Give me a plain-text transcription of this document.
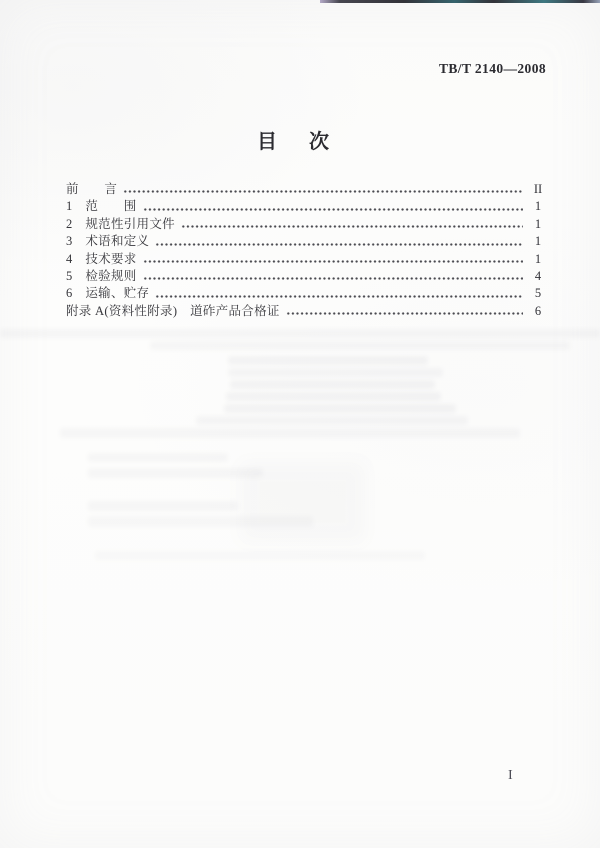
TB/T 2140—2008
目　次
前　　言	II
1　范　　围	1
2　规范性引用文件	1
3　术语和定义	1
4　技术要求	1
5　检验规则	4
6　运输、贮存	5
附录 A(资料性附录)　道砟产品合格证	6
I
